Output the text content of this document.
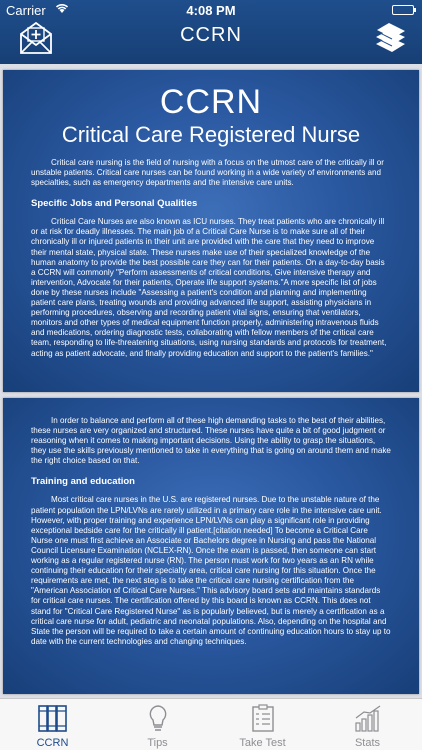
Carrier	4:08 PM
CCRN
CCRN
Critical Care Registered Nurse

Critical care nursing is the field of nursing with a focus on the utmost care of the critically ill or unstable patients. Critical care nurses can be found working in a wide variety of environments and specialties, such as emergency departments and the intensive care units.

Specific Jobs and Personal Qualities

Critical Care Nurses are also known as ICU nurses. They treat patients who are chronically ill or at risk for deadly illnesses. The main job of a Critical Care Nurse is to make sure all of their chronically ill or injured patients in their unit are provided with the care that they need to improve their mental state, physical state. These nurses make use of their specialized knowledge of the human anatomy to provide the best possible care they can for their patients. On a day-to-day basis a CCRN will commonly "Perform assessments of critical conditions, Give intensive therapy and intervention, Advocate for their patients, Operate life support systems."A more specific list of jobs done by these nurses include "Assessing a patient's condition and planning and implementing patient care plans, treating wounds and providing advanced life support, assisting physicians in performing procedures, observing and recording patient vital signs, ensuring that ventilators, monitors and other types of medical equipment function properly, administering intravenous fluids and medications, ordering diagnostic tests, collaborating with fellow members of the critical care team, responding to life-threatening situations, using nursing standards and protocols for treatment, acting as patient advocate, and finally providing education and support to the patient's families."

In order to balance and perform all of these high demanding tasks to the best of their abilities, these nurses are very organized and structured. These nurses have quite a bit of good judgment or reasoning when it comes to making important decisions. Using the ability to grasp the situations, they use the skills previously mentioned to take in everything that is going on around them and make the right choice based on that.

Training and education

Most critical care nurses in the U.S. are registered nurses. Due to the unstable nature of the patient population the LPN/LVNs are rarely utilized in a primary care role in the intensive care unit. However, with proper training and experience LPN/LVNs can play a significant role in providing exceptional bedside care for the critically ill patient.[citation needed] To become a Critical Care Nurse one must first achieve an Associate or Bachelors degree in Nursing and pass the National Council Licensure Examination (NCLEX-RN). Once the exam is passed, then someone can start working as a regular registered nurse (RN). The person must work for two years as an RN while continuing their education for their specialty area, critical care nursing for this situation. Once the requirements are met, the next step is to take the critical care nursing certification from the "American Association of Critical Care Nurses." This advisory board sets and maintains standards for critical care nurses. The certification offered by this board is known as CCRN. This does not stand for "Critical Care Registered Nurse" as is popularly believed, but is merely a certification as a critical care nurse for adult, pediatric and neonatal populations. Also, depending on the hospital and State the person will be required to take a certain amount of continuing education hours to stay up to date with the current technologies and changing techniques.

CCRN	Tips	Take Test	Stats
